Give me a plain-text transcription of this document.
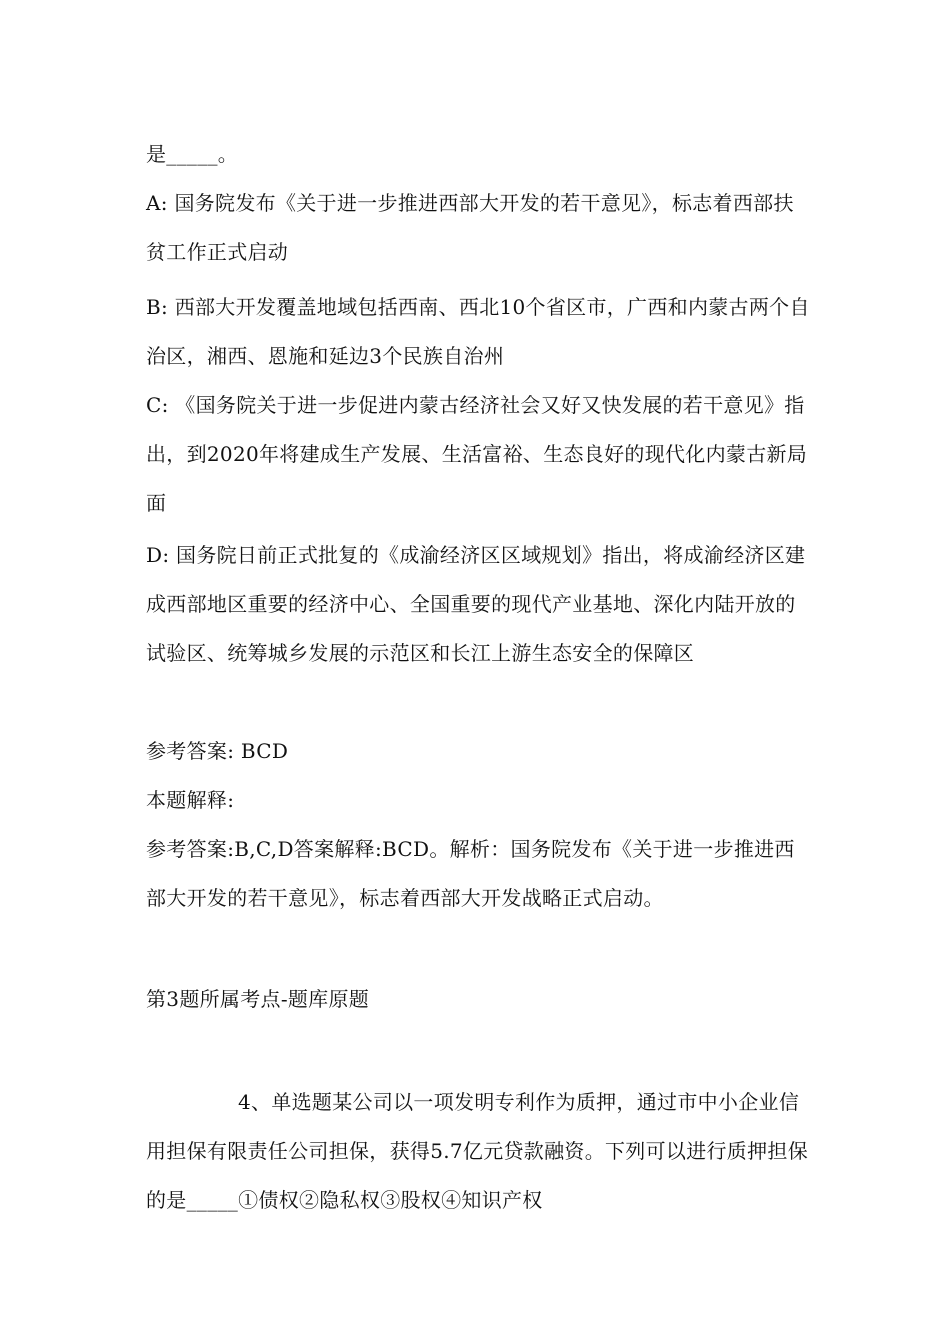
是_____。
A: 国务院发布《关于进一步推进西部大开发的若干意见》，标志着西部扶贫工作正式启动
B: 西部大开发覆盖地域包括西南、西北10个省区市，广西和内蒙古两个自治区，湘西、恩施和延边3个民族自治州
C: 《国务院关于进一步促进内蒙古经济社会又好又快发展的若干意见》指出，到2020年将建成生产发展、生活富裕、生态良好的现代化内蒙古新局面
D: 国务院日前正式批复的《成渝经济区区域规划》指出，将成渝经济区建成西部地区重要的经济中心、全国重要的现代产业基地、深化内陆开放的试验区、统筹城乡发展的示范区和长江上游生态安全的保障区
参考答案: BCD
本题解释:
参考答案:B,C,D答案解释:BCD。解析：国务院发布《关于进一步推进西部大开发的若干意见》，标志着西部大开发战略正式启动。
第3题所属考点-题库原题
4、单选题某公司以一项发明专利作为质押，通过市中小企业信用担保有限责任公司担保，获得5.7亿元贷款融资。下列可以进行质押担保的是_____①债权②隐私权③股权④知识产权
